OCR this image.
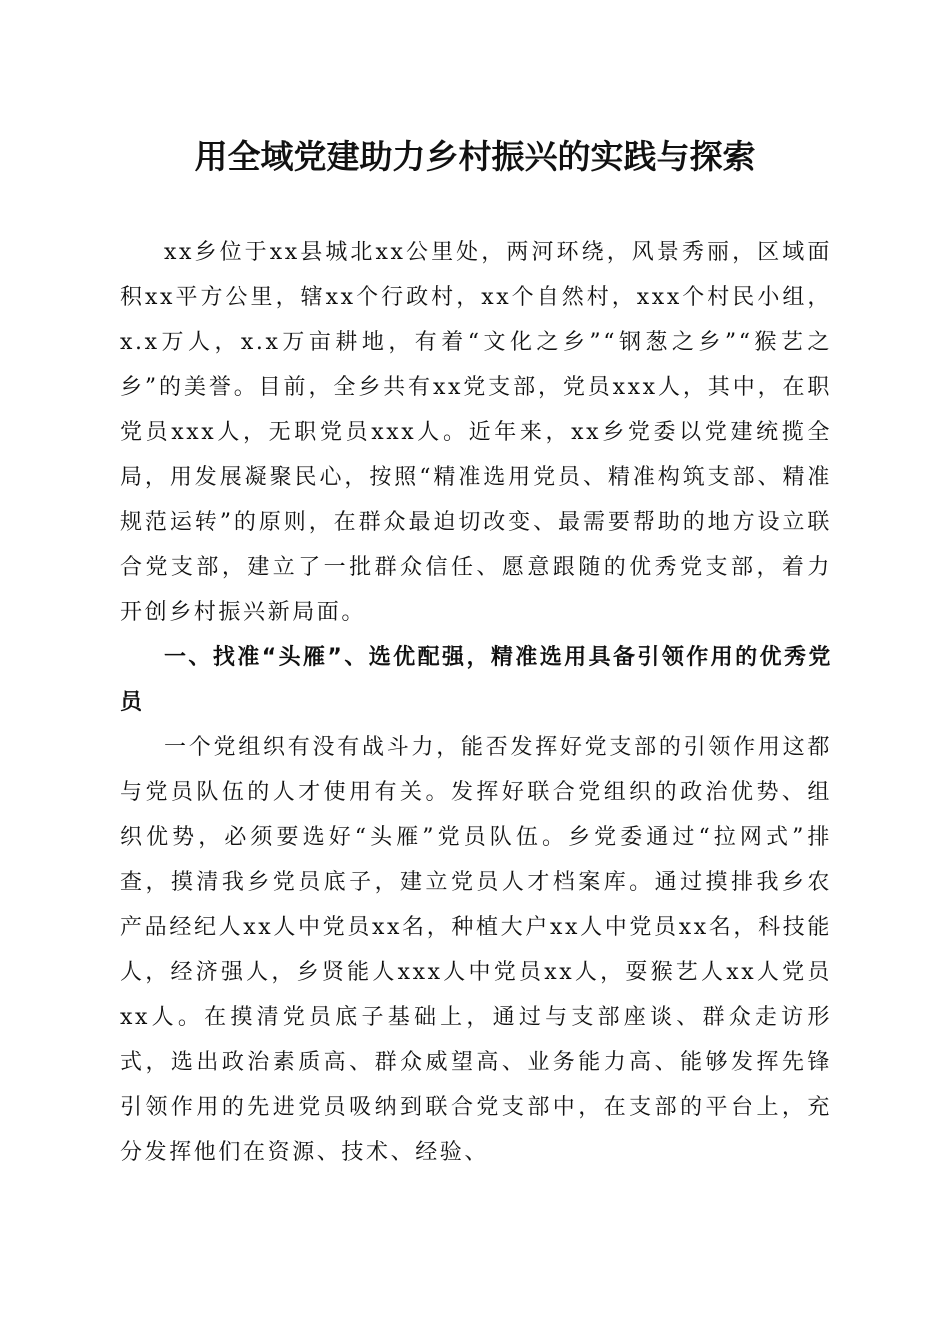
用全域党建助力乡村振兴的实践与探索

xx乡位于xx县城北xx公里处，两河环绕，风景秀丽，区域面积xx平方公里，辖xx个行政村，xx个自然村，xxx个村民小组，x.x万人，x.x万亩耕地，有着“文化之乡”“钢葱之乡”“猴艺之乡”的美誉。目前，全乡共有xx党支部，党员xxx人，其中，在职党员xxx人，无职党员xxx人。近年来，xx乡党委以党建统揽全局，用发展凝聚民心，按照“精准选用党员、精准构筑支部、精准规范运转”的原则，在群众最迫切改变、最需要帮助的地方设立联合党支部，建立了一批群众信任、愿意跟随的优秀党支部，着力开创乡村振兴新局面。

一、找准“头雁”、选优配强，精准选用具备引领作用的优秀党员

一个党组织有没有战斗力，能否发挥好党支部的引领作用这都与党员队伍的人才使用有关。发挥好联合党组织的政治优势、组织优势，必须要选好“头雁”党员队伍。乡党委通过“拉网式”排查，摸清我乡党员底子，建立党员人才档案库。通过摸排我乡农产品经纪人xx人中党员xx名，种植大户xx人中党员xx名，科技能人，经济强人，乡贤能人xxx人中党员xx人，耍猴艺人xx人党员xx人。在摸清党员底子基础上，通过与支部座谈、群众走访形式，选出政治素质高、群众威望高、业务能力高、能够发挥先锋引领作用的先进党员吸纳到联合党支部中，在支部的平台上，充分发挥他们在资源、技术、经验、
